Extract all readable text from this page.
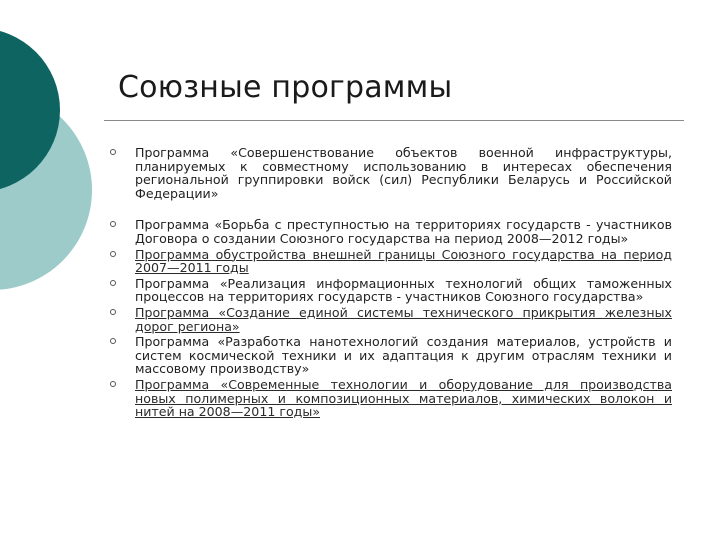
Союзные программы
Программа «Совершенствование объектов военной инфраструктуры, планируемых к совместному использованию в интересах обеспечения региональной группировки войск (сил) Республики Беларусь и Российской Федерации»
Программа «Борьба с преступностью на территориях государств - участников Договора о создании Союзного государства на период 2008—2012 годы»
Программа обустройства внешней границы Союзного государства на период 2007—2011 годы
Программа «Реализация информационных технологий общих таможенных процессов на территориях государств - участников Союзного государства»
Программа «Создание единой системы технического прикрытия железных дорог региона»
Программа «Разработка нанотехнологий создания материалов, устройств и систем космической техники и их адаптация к другим отраслям техники и массовому производству»
Программа «Современные технологии и оборудование для производства новых полимерных и композиционных материалов, химических волокон и нитей на 2008—2011 годы»
